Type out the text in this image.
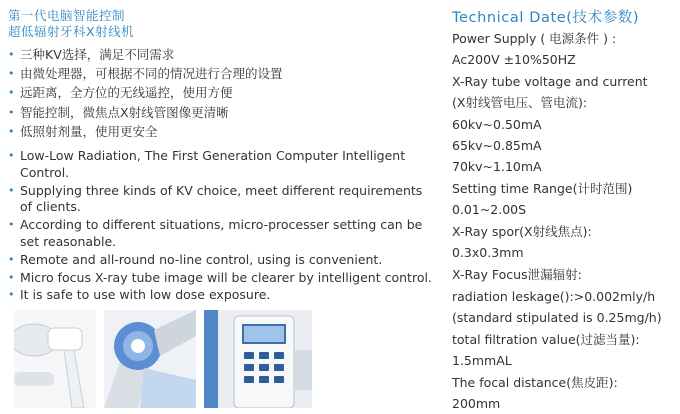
第一代电脑智能控制
超低辐射牙科X射线机
• 三种KV选择，满足不同需求
• 由微处理器，可根据不同的情况进行合理的设置
• 远距离，全方位的无线遥控，使用方便
• 智能控制，微焦点X射线管图像更清晰
• 低照射剂量，使用更安全
• Low-Low Radiation, The First Generation Computer Intelligent Control.
• Supplying three kinds of KV choice, meet different requirements of clients.
• According to different situations, micro-processer setting can be set reasonable.
• Remote and all-round no-line control, using is convenient.
• Micro focus X-ray tube image will be clearer by intelligent control.
• It is safe to use with low dose exposure.
Technical Date(技术参数)
Power Supply ( 电源条件 ) :
Ac200V ±10%50HZ
X-Ray tube voltage and current
(X射线管电压、管电流):
60kv~0.50mA
65kv~0.85mA
70kv~1.10mA
Setting time Range(计时范围)
0.01~2.00S
X-Ray spor(X射线焦点):
0.3x0.3mm
X-Ray Focus泄漏辐射:
radiation leskage():>0.002mly/h
(standard stipulated is 0.25mg/h)
total filtration value(过滤当量):
1.5mmAL
The focal distance(焦皮距):
200mm
